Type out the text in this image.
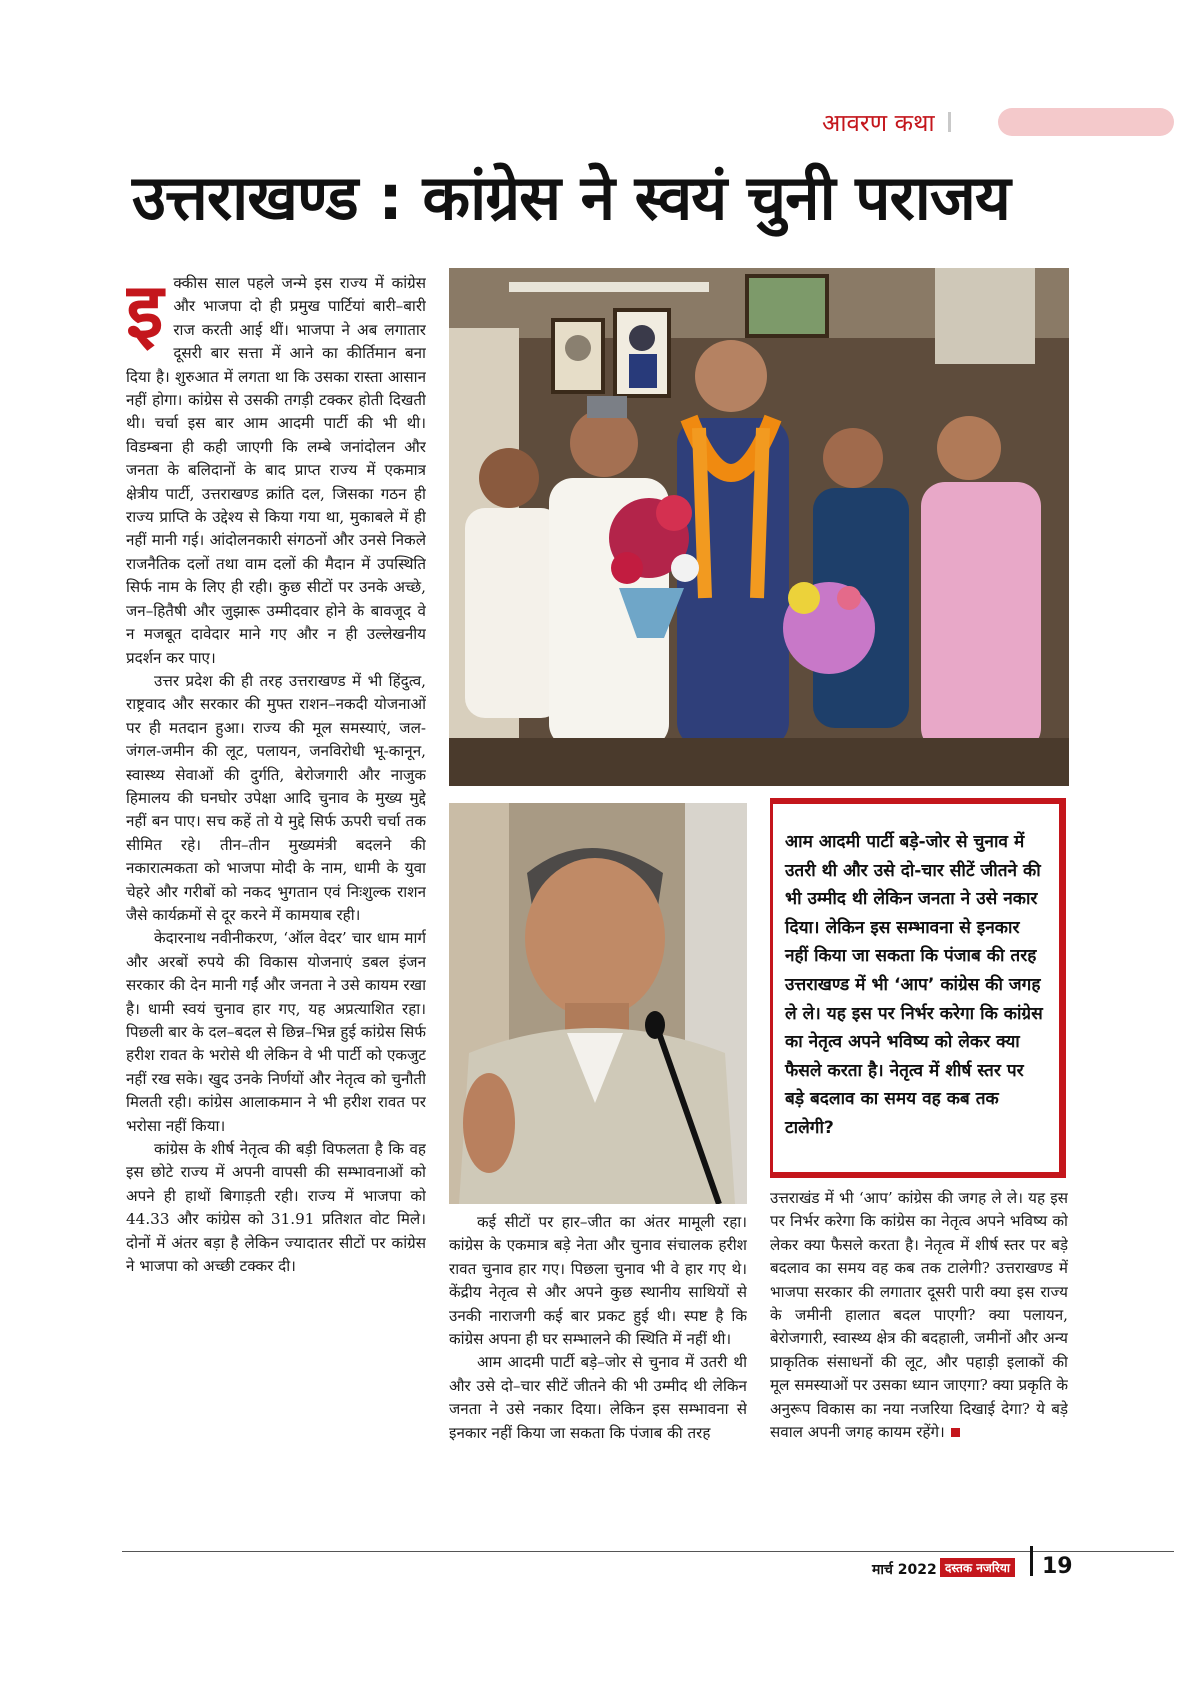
आवरण कथा
उत्तराखण्ड : कांग्रेस ने स्वयं चुनी पराजय
इ क्कीस साल पहले जन्मे इस राज्य में कांग्रेस और भाजपा दो ही प्रमुख पार्टियां बारी–बारी राज करती आई थीं। भाजपा ने अब लगातार दूसरी बार सत्ता में आने का कीर्तिमान बना दिया है। शुरुआत में लगता था कि उसका रास्ता आसान नहीं होगा। कांग्रेस से उसकी तगड़ी टक्कर होती दिखती थी। चर्चा इस बार आम आदमी पार्टी की भी थी। विडम्बना ही कही जाएगी कि लम्बे जनांदोलन और जनता के बलिदानों के बाद प्राप्त राज्य में एकमात्र क्षेत्रीय पार्टी, उत्तराखण्ड क्रांति दल, जिसका गठन ही राज्य प्राप्ति के उद्देश्य से किया गया था, मुकाबले में ही नहीं मानी गई। आंदोलनकारी संगठनों और उनसे निकले राजनैतिक दलों तथा वाम दलों की मैदान में उपस्थिति सिर्फ नाम के लिए ही रही। कुछ सीटों पर उनके अच्छे, जन–हितैषी और जुझारू उम्मीदवार होने के बावजूद वे न मजबूत दावेदार माने गए और न ही उल्लेखनीय प्रदर्शन कर पाए।

उत्तर प्रदेश की ही तरह उत्तराखण्ड में भी हिंदुत्व, राष्ट्रवाद और सरकार की मुफ्त राशन–नकदी योजनाओं पर ही मतदान हुआ। राज्य की मूल समस्याएं, जल-जंगल-जमीन की लूट, पलायन, जनविरोधी भू-कानून, स्वास्थ्य सेवाओं की दुर्गति, बेरोजगारी और नाजुक हिमालय की घनघोर उपेक्षा आदि चुनाव के मुख्य मुद्दे नहीं बन पाए। सच कहें तो ये मुद्दे सिर्फ ऊपरी चर्चा तक सीमित रहे। तीन–तीन मुख्यमंत्री बदलने की नकारात्मकता को भाजपा मोदी के नाम, धामी के युवा चेहरे और गरीबों को नकद भुगतान एवं निःशुल्क राशन जैसे कार्यक्रमों से दूर करने में कामयाब रही।

केदारनाथ नवीनीकरण, ‘ऑल वेदर’ चार धाम मार्ग और अरबों रुपये की विकास योजनाएं डबल इंजन सरकार की देन मानी गईं और जनता ने उसे कायम रखा है। धामी स्वयं चुनाव हार गए, यह अप्रत्याशित रहा। पिछली बार के दल–बदल से छिन्न–भिन्न हुई कांग्रेस सिर्फ हरीश रावत के भरोसे थी लेकिन वे भी पार्टी को एकजुट नहीं रख सके। खुद उनके निर्णयों और नेतृत्व को चुनौती मिलती रही। कांग्रेस आलाकमान ने भी हरीश रावत पर भरोसा नहीं किया।

कांग्रेस के शीर्ष नेतृत्व की बड़ी विफलता है कि वह इस छोटे राज्य में अपनी वापसी की सम्भावनाओं को अपने ही हाथों बिगाड़ती रही। राज्य में भाजपा को 44.33 और कांग्रेस को 31.91 प्रतिशत वोट मिले। दोनों में अंतर बड़ा है लेकिन ज्यादातर सीटों पर कांग्रेस ने भाजपा को अच्छी टक्कर दी।

आम आदमी पार्टी बड़े-जोर से चुनाव में उतरी थी और उसे दो-चार सीटें जीतने की भी उम्मीद थी लेकिन जनता ने उसे नकार दिया। लेकिन इस सम्भावना से इनकार नहीं किया जा सकता कि पंजाब की तरह उत्तराखण्ड में भी ‘आप’ कांग्रेस की जगह ले ले। यह इस पर निर्भर करेगा कि कांग्रेस का नेतृत्व अपने भविष्य को लेकर क्या फैसले करता है। नेतृत्व में शीर्ष स्तर पर बड़े बदलाव का समय वह कब तक टालेगी?

कई सीटों पर हार–जीत का अंतर मामूली रहा। कांग्रेस के एकमात्र बड़े नेता और चुनाव संचालक हरीश रावत चुनाव हार गए। पिछला चुनाव भी वे हार गए थे। केंद्रीय नेतृत्व से और अपने कुछ स्थानीय साथियों से उनकी नाराजगी कई बार प्रकट हुई थी। स्पष्ट है कि कांग्रेस अपना ही घर सम्भालने की स्थिति में नहीं थी।

आम आदमी पार्टी बड़े–जोर से चुनाव में उतरी थी और उसे दो–चार सीटें जीतने की भी उम्मीद थी लेकिन जनता ने उसे नकार दिया। लेकिन इस सम्भावना से इनकार नहीं किया जा सकता कि पंजाब की तरह

उत्तराखंड में भी ‘आप’ कांग्रेस की जगह ले ले। यह इस पर निर्भर करेगा कि कांग्रेस का नेतृत्व अपने भविष्य को लेकर क्या फैसले करता है। नेतृत्व में शीर्ष स्तर पर बड़े बदलाव का समय वह कब तक टालेगी? उत्तराखण्ड में भाजपा सरकार की लगातार दूसरी पारी क्या इस राज्य के जमीनी हालात बदल पाएगी? क्या पलायन, बेरोजगारी, स्वास्थ्य क्षेत्र की बदहाली, जमीनों और अन्य प्राकृतिक संसाधनों की लूट, और पहाड़ी इलाकों की मूल समस्याओं पर उसका ध्यान जाएगा? क्या प्रकृति के अनुरूप विकास का नया नजरिया दिखाई देगा? ये बड़े सवाल अपनी जगह कायम रहेंगे।

मार्च 2022 दस्तक नजरिया 19
